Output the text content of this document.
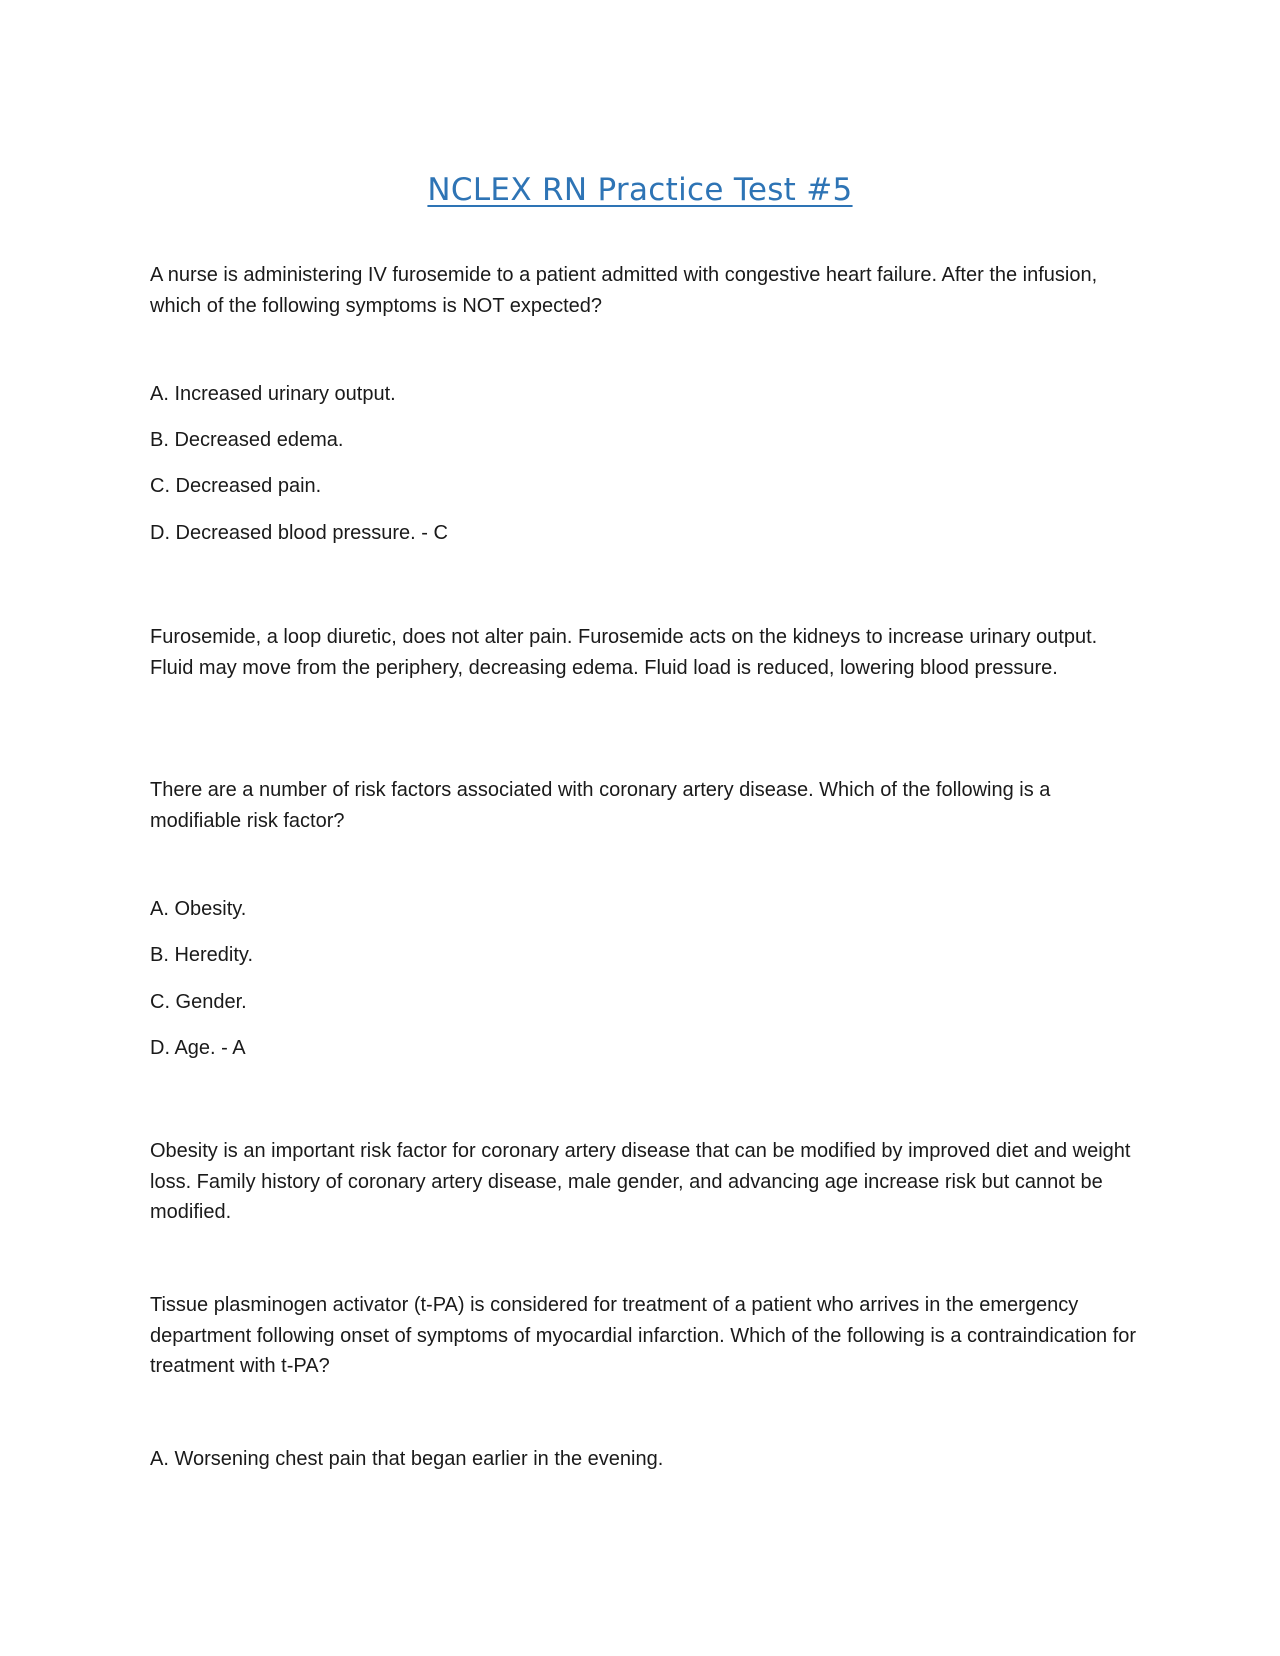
NCLEX RN Practice Test #5

A nurse is administering IV furosemide to a patient admitted with congestive heart failure. After the infusion, which of the following symptoms is NOT expected?

A. Increased urinary output.

B. Decreased edema.

C. Decreased pain.

D. Decreased blood pressure. - C

Furosemide, a loop diuretic, does not alter pain. Furosemide acts on the kidneys to increase urinary output. Fluid may move from the periphery, decreasing edema. Fluid load is reduced, lowering blood pressure.

There are a number of risk factors associated with coronary artery disease. Which of the following is a modifiable risk factor?

A. Obesity.

B. Heredity.

C. Gender.

D. Age. - A

Obesity is an important risk factor for coronary artery disease that can be modified by improved diet and weight loss. Family history of coronary artery disease, male gender, and advancing age increase risk but cannot be modified.

Tissue plasminogen activator (t-PA) is considered for treatment of a patient who arrives in the emergency department following onset of symptoms of myocardial infarction. Which of the following is a contraindication for treatment with t-PA?

A. Worsening chest pain that began earlier in the evening.
